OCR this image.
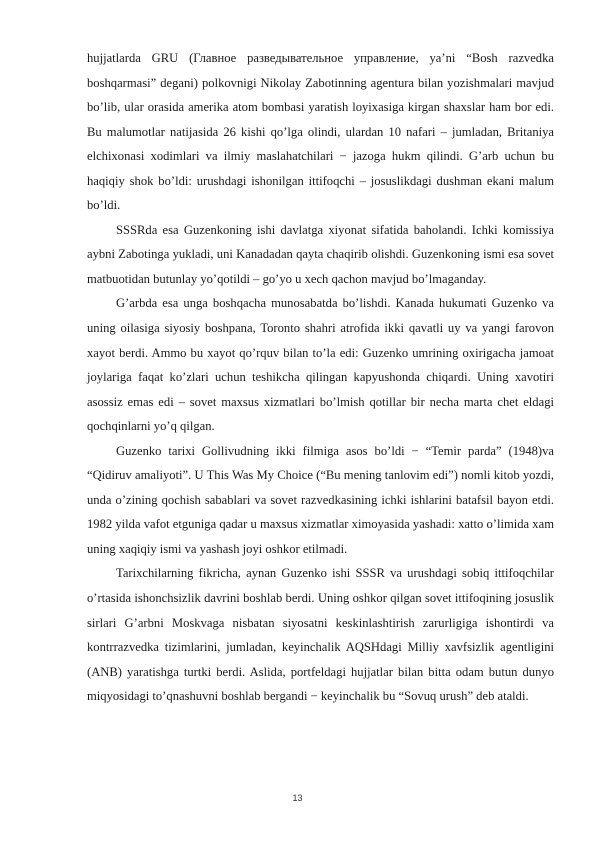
hujjatlarda GRU (Главное разведывательное управление, ya’ni “Bosh razvedka boshqarmasi” degani) polkovnigi Nikolay Zabotinning agentura bilan yozishmalari mavjud bo’lib, ular orasida amerika atom bombasi yaratish loyixasiga kirgan shaxslar ham bor edi. Bu malumotlar natijasida 26 kishi qo’lga olindi, ulardan 10 nafari – jumladan, Britaniya elchixonasi xodimlari va ilmiy maslahatchilari − jazoga hukm qilindi. G’arb uchun bu haqiqiy shok bo’ldi: urushdagi ishonilgan ittifoqchi – josuslikdagi dushman ekani malum bo’ldi.

SSSRda esa Guzenkoning ishi davlatga xiyonat sifatida baholandi. Ichki komissiya aybni Zabotinga yukladi, uni Kanadadan qayta chaqirib olishdi. Guzenkoning ismi esa sovet matbuotidan butunlay yo’qotildi – go’yo u xech qachon mavjud bo’lmaganday.

G’arbda esa unga boshqacha munosabatda bo’lishdi. Kanada hukumati Guzenko va uning oilasiga siyosiy boshpana, Toronto shahri atrofida ikki qavatli uy va yangi farovon xayot berdi. Ammo bu xayot qo’rquv bilan to’la edi: Guzenko umrining oxirigacha jamoat joylariga faqat ko’zlari uchun teshikcha qilingan kapyushonda chiqardi. Uning xavotiri asossiz emas edi – sovet maxsus xizmatlari bo’lmish qotillar bir necha marta chet eldagi qochqinlarni yo’q qilgan.

Guzenko tarixi Gollivudning ikki filmiga asos bo’ldi − “Temir parda” (1948)va “Qidiruv amaliyoti”. U This Was My Choice (“Bu mening tanlovim edi”) nomli kitob yozdi, unda o’zining qochish sabablari va sovet razvedkasining ichki ishlarini batafsil bayon etdi. 1982 yilda vafot etguniga qadar u maxsus xizmatlar ximoyasida yashadi: xatto o’limida xam uning xaqiqiy ismi va yashash joyi oshkor etilmadi.

Tarixchilarning fikricha, aynan Guzenko ishi SSSR va urushdagi sobiq ittifoqchilar o’rtasida ishonchsizlik davrini boshlab berdi. Uning oshkor qilgan sovet ittifoqining josuslik sirlari G’arbni Moskvaga nisbatan siyosatni keskinlashtirish zarurligiga ishontirdi va kontrrazvedka tizimlarini, jumladan, keyinchalik AQSHdagi Milliy xavfsizlik agentligini (ANB) yaratishga turtki berdi. Aslida, portfeldagi hujjatlar bilan bitta odam butun dunyo miqyosidagi to’qnashuvni boshlab bergandi − keyinchalik bu “Sovuq urush” deb ataldi.

13
